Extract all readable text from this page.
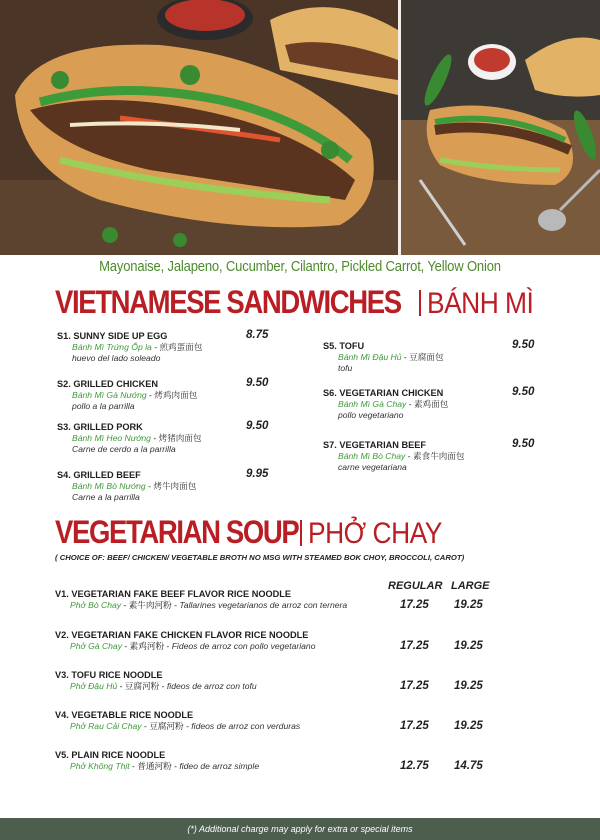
Mayonaise, Jalapeno, Cucumber, Cilantro, Pickled Carrot, Yellow Onion
VIETNAMESE SANDWICHES BÁNH MÌ
S1. SUNNY SIDE UP EGG
Bánh Mì Trứng Ốp la - 煎鸡蛋面包
huevo del lado soleado
8.75
S2. GRILLED CHICKEN
Bánh Mì Gà Nướng - 烤鸡肉面包
pollo a la parrilla
9.50
S3. GRILLED PORK
Bánh Mì Heo Nướng - 烤猪肉面包
Carne de cerdo a la parrilla
9.50
S4. GRILLED BEEF
Bánh Mì Bò Nướng - 烤牛肉面包
Carne a la parrilla
9.95
S5. TOFU
Bánh Mì Đậu Hủ - 豆腐面包
tofu
9.50
S6. VEGETARIAN CHICKEN
Bánh Mì Gà Chay - 素鸡面包
pollo vegetariano
9.50
S7. VEGETARIAN BEEF
Bánh Mì Bò Chay - 素食牛肉面包
carne vegetariana
9.50
VEGETARIAN SOUP PHỞ CHAY
( CHOICE OF: BEEF/ CHICKEN/ VEGETABLE BROTH NO MSG WITH STEAMED BOK CHOY, BROCCOLI, CAROT)
REGULAR LARGE
V1. VEGETARIAN FAKE BEEF FLAVOR RICE NOODLE
Phở Bò Chay - 素牛肉河粉 - Tallarines vegetarianos de arroz con ternera	17.25 19.25
V2. VEGETARIAN FAKE CHICKEN FLAVOR RICE NOODLE
Phở Gà Chay - 素鸡河粉 - Fideos de arroz con pollo vegetariano	17.25 19.25
V3. TOFU RICE NOODLE
Phở Đậu Hủ - 豆腐河粉 - fideos de arroz con tofu	17.25 19.25
V4. VEGETABLE RICE NOODLE
Phở Rau Cải Chay - 豆腐河粉 - fideos de arroz con verduras	17.25 19.25
V5. PLAIN RICE NOODLE
Phở Không Thịt - 普通河粉 - fideo de arroz simple	12.75 14.75
(*) Additional charge may apply for extra or special items
